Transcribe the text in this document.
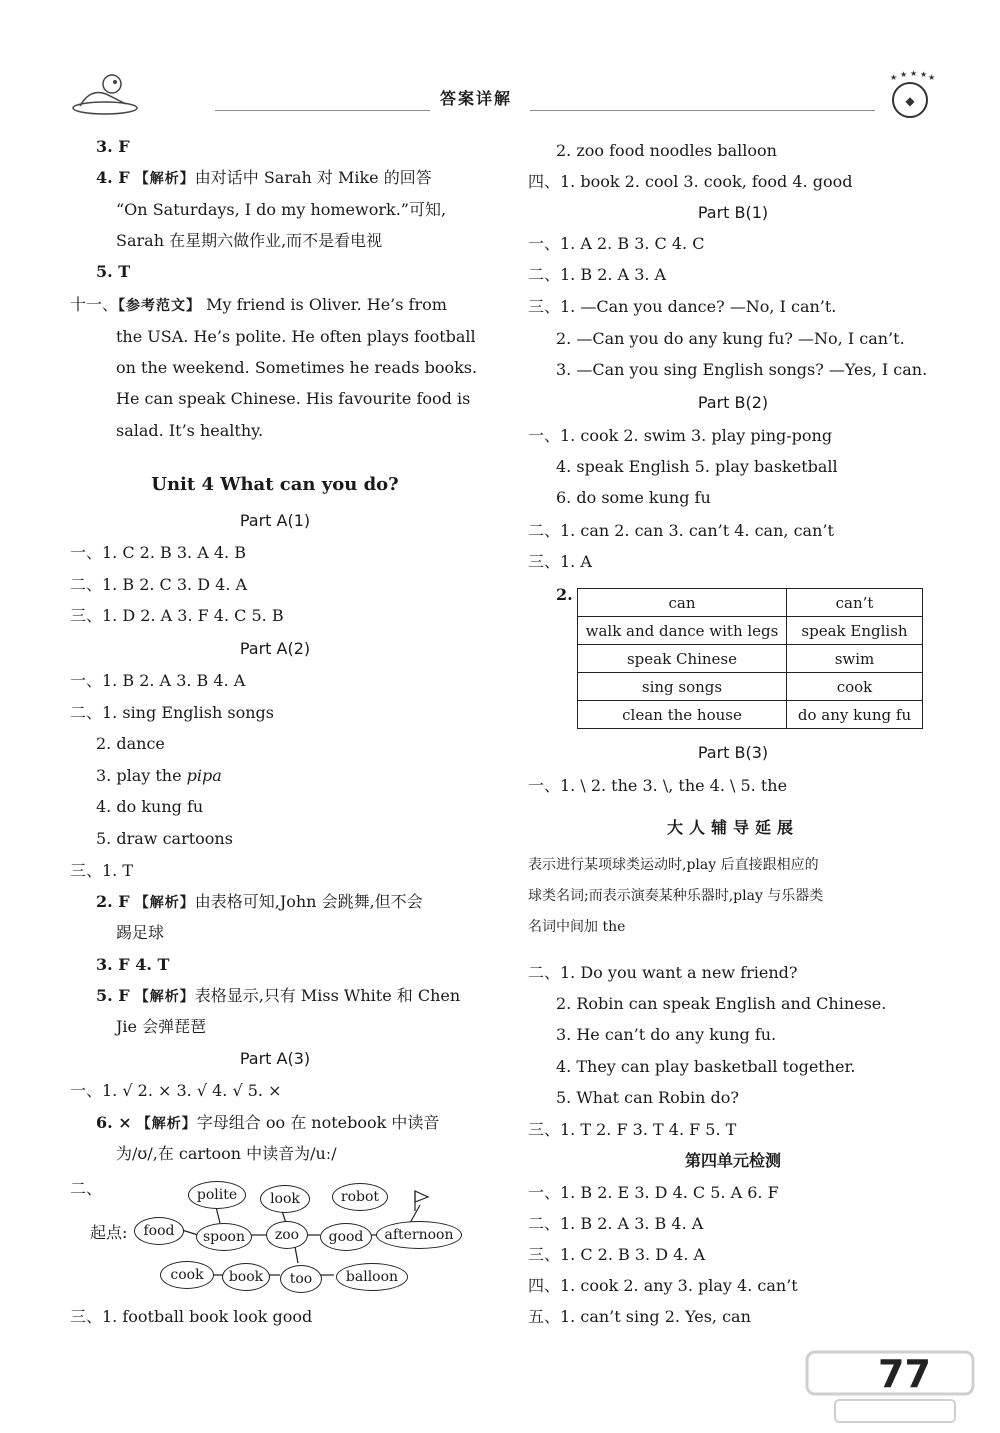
答案详解	◆
★ ★ ★ ★ ★
3. F
4. F 【解析】由对话中 Sarah 对 Mike 的回答
“On Saturdays, I do my homework.”可知,
Sarah 在星期六做作业,而不是看电视
5. T
十一、【参考范文】 My friend is Oliver. He’s from
the USA. He’s polite. He often plays football
on the weekend. Sometimes he reads books.
He can speak Chinese. His favourite food is
salad. It’s healthy.
Unit 4 What can you do?
Part A(1)
一、1. C 2. B 3. A 4. B
二、1. B 2. C 3. D 4. A
三、1. D 2. A 3. F 4. C 5. B
Part A(2)
一、1. B 2. A 3. B 4. A
二、1. sing English songs
2. dance
3. play the pipa
4. do kung fu
5. draw cartoons
三、1. T
2. F 【解析】由表格可知,John 会跳舞,但不会
踢足球
3. F 4. T
5. F 【解析】表格显示,只有 Miss White 和 Chen
Jie 会弹琵琶
Part A(3)
一、1. √ 2. × 3. √ 4. √ 5. ×
6. × 【解析】字母组合 oo 在 notebook 中读音
为/ʊ/,在 cartoon 中读音为/uː/
二、
起点:
polite	look	robot
food	spoon	zoo	good	afternoon
cook	book	too	balloon
三、1. football book look good
2. zoo food noodles balloon
四、1. book 2. cool 3. cook, food 4. good
Part B(1)
一、1. A 2. B 3. C 4. C
二、1. B 2. A 3. A
三、1. —Can you dance? —No, I can’t.
2. —Can you do any kung fu? —No, I can’t.
3. —Can you sing English songs? —Yes, I can.
Part B(2)
一、1. cook 2. swim 3. play ping-pong
4. speak English 5. play basketball
6. do some kung fu
二、1. can 2. can 3. can’t 4. can, can’t
三、1. A
2.	can	can’t
walk and dance with legs	speak English
speak Chinese	swim
sing songs	cook
clean the house	do any kung fu
Part B(3)
一、1. \ 2. the 3. \, the 4. \ 5. the
大人辅导延展
表示进行某项球类运动时,play 后直接跟相应的
球类名词;而表示演奏某种乐器时,play 与乐器类
名词中间加 the
二、1. Do you want a new friend?
2. Robin can speak English and Chinese.
3. He can’t do any kung fu.
4. They can play basketball together.
5. What can Robin do?
三、1. T 2. F 3. T 4. F 5. T
第四单元检测
一、1. B 2. E 3. D 4. C 5. A 6. F
二、1. B 2. A 3. B 4. A
三、1. C 2. B 3. D 4. A
四、1. cook 2. any 3. play 4. can’t
五、1. can’t sing 2. Yes, can
77
